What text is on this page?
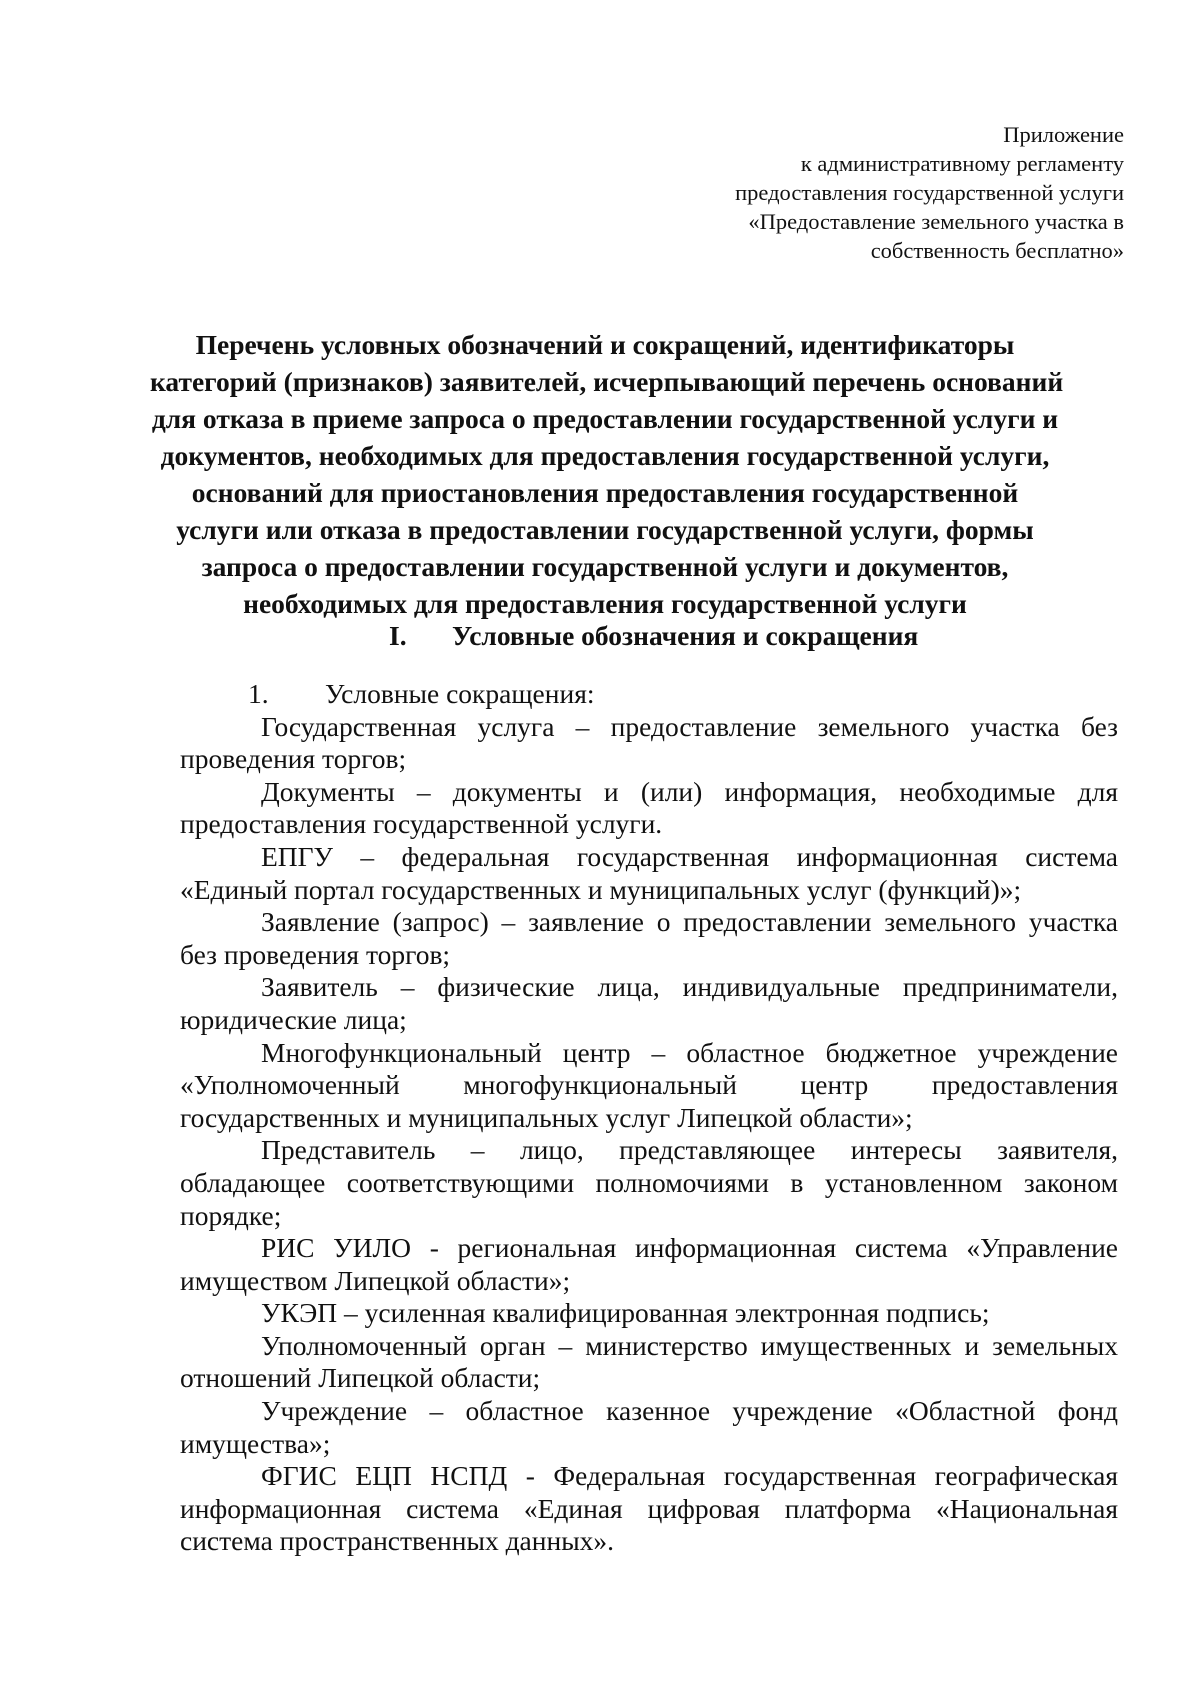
Приложение
к административному регламенту
предоставления государственной услуги
«Предоставление земельного участка в
собственность бесплатно»
Перечень условных обозначений и сокращений, идентификаторы
категорий (признаков) заявителей, исчерпывающий перечень оснований
для отказа в приеме запроса о предоставлении государственной услуги и
документов, необходимых для предоставления государственной услуги,
оснований для приостановления предоставления государственной
услуги или отказа в предоставлении государственной услуги, формы
запроса о предоставлении государственной услуги и документов,
необходимых для предоставления государственной услуги
I. Условные обозначения и сокращения
1. Условные сокращения:

Государственная услуга – предоставление земельного участка без проведения торгов;

Документы – документы и (или) информация, необходимые для предоставления государственной услуги.

ЕПГУ – федеральная государственная информационная система «Единый портал государственных и муниципальных услуг (функций)»;

Заявление (запрос) – заявление о предоставлении земельного участка без проведения торгов;

Заявитель – физические лица, индивидуальные предприниматели, юридические лица;

Многофункциональный центр – областное бюджетное учреждение «Уполномоченный многофункциональный центр предоставления государственных и муниципальных услуг Липецкой области»;

Представитель – лицо, представляющее интересы заявителя, обладающее соответствующими полномочиями в установленном законом порядке;

РИС УИЛО - региональная информационная система «Управление имуществом Липецкой области»;

УКЭП – усиленная квалифицированная электронная подпись;

Уполномоченный орган – министерство имущественных и земельных отношений Липецкой области;

Учреждение – областное казенное учреждение «Областной фонд имущества»;

ФГИС ЕЦП НСПД - Федеральная государственная географическая информационная система «Единая цифровая платформа «Национальная система пространственных данных».
